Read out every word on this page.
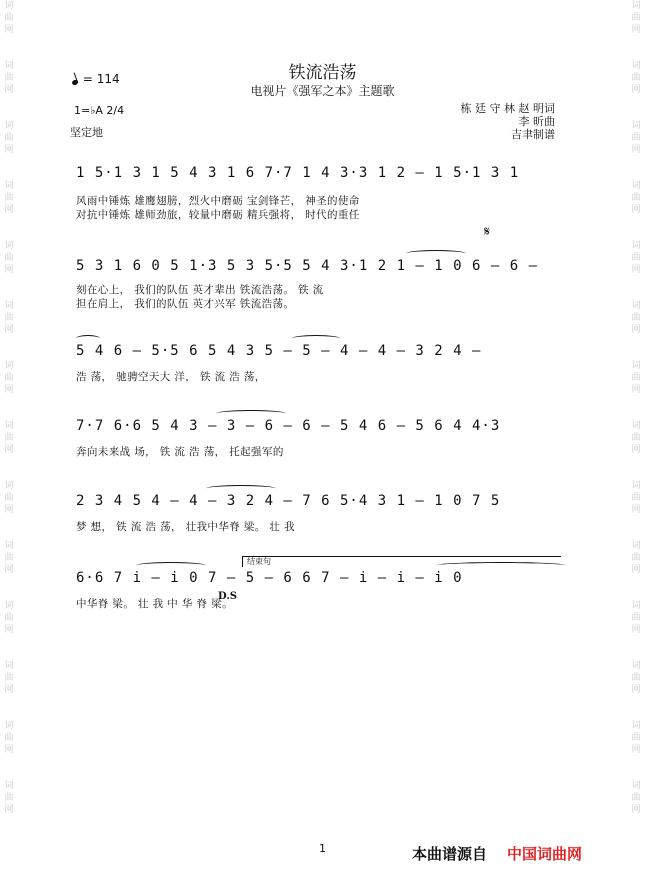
词
曲
网
词
曲
网
词
曲
网
词
曲
网
词
曲
网
词
曲
网
词
曲
网
词
曲
网
词
曲
网
词
曲
网
词
曲
网
词
曲
网
词
曲
网
词
曲
网
词
曲
网
词
曲
网
词
曲
网
词
曲
网
词
曲
网
词
曲
网
词
曲
网
词
曲
网
词
曲
网
词
曲
网
词
曲
网
词
曲
网
词
曲
网
词
曲
网
铁流浩荡
电视片《强军之本》主题歌
= 114
1=♭A 2/4
坚定地
栋 廷 守 林 赵 明词
李 昕曲
吉聿制谱
1 5·1 3 1 5 4 3 1 6 7·7 1 4 3·3 1 2 — 1 5·1 3 1
风雨中锤炼 雄鹰翅膀，烈火中磨砺 宝剑锋芒， 神圣的使命
对抗中锤炼 雄师劲旅，较量中磨砺 精兵强将， 时代的重任
𝄋
5 3 1 6 0 5 1·3 5 3 5·5 5 4 3·1 2 1 — 1 0 6 — 6 —
刻在心上， 我们的队伍 英才辈出 铁流浩荡。 铁 流
担在肩上， 我们的队伍 英才兴军 铁流浩荡。
5 4 6 — 5·5 6 5 4 3 5 — 5 — 4 — 4 — 3 2 4 —
浩 荡， 驰骋空天大 洋， 铁 流 浩 荡，
7·7 6·6 5 4 3 — 3 — 6 — 6 — 5 4 6 — 5 6 4 4·3
奔向未来战 场， 铁 流 浩 荡， 托起强军的
2 3 4 5 4 — 4 — 3 2 4 — 7 6 5·4 3 1 — 1 0 7 5
梦 想， 铁 流 浩 荡， 壮我中华脊 梁。 壮 我
结束句
6·6 7 i — i 0 7 — 5 — 6 6 7 — i — i — i 0
中华脊 梁。 壮 我 中 华 脊 梁。
D.S
1	本曲谱源自 中国词曲网
